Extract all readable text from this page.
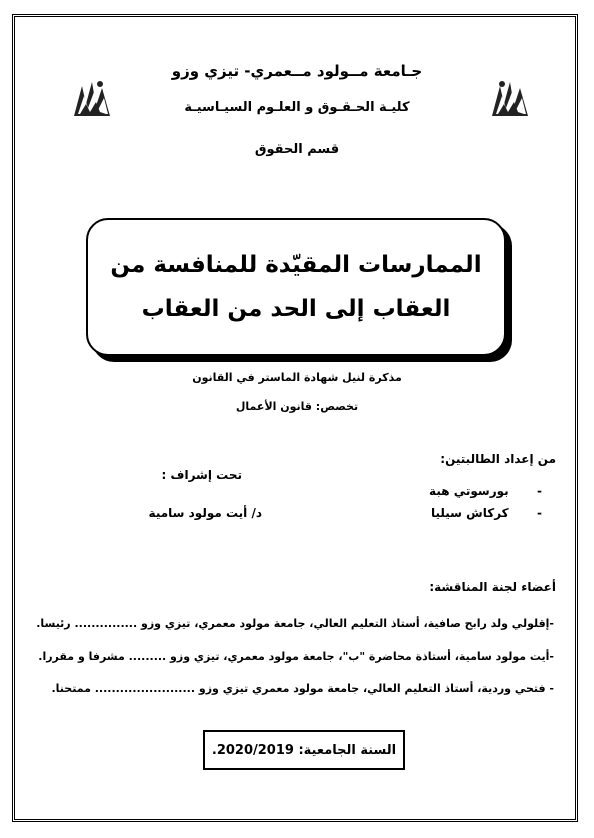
جـامعة مــولود مــعمري- تيزي وزو
كليـة الحـقـوق و العلـوم السيـاسيـة
قسم الحقوق
الممارسات المقيّدة للمنافسة من
العقاب إلى الحد من العقاب
مذكرة لنيل شهادة الماستر في القانون
تخصص: قانون الأعمال
من إعداد الطالبتين:
-  بورسوتي هبة
-  كركاش سيليا
تحت إشراف :
د/ أيت مولود سامية
أعضاء لجنة المناقشة:
-إقلولي ولد رابح صافية، أستاذ التعليم العالي، جامعة مولود معمري، تيزي وزو ............... رئيسا.
-أيت مولود سامية، أستاذة محاضرة "ب"، جامعة مولود معمري، تيزي وزو ......... مشرفا و مقررا.
- فتحي وردية، أستاذ التعليم العالي، جامعة مولود معمري تيزي وزو ........................ ممتحنا.
السنة الجامعية: 2020/2019.
